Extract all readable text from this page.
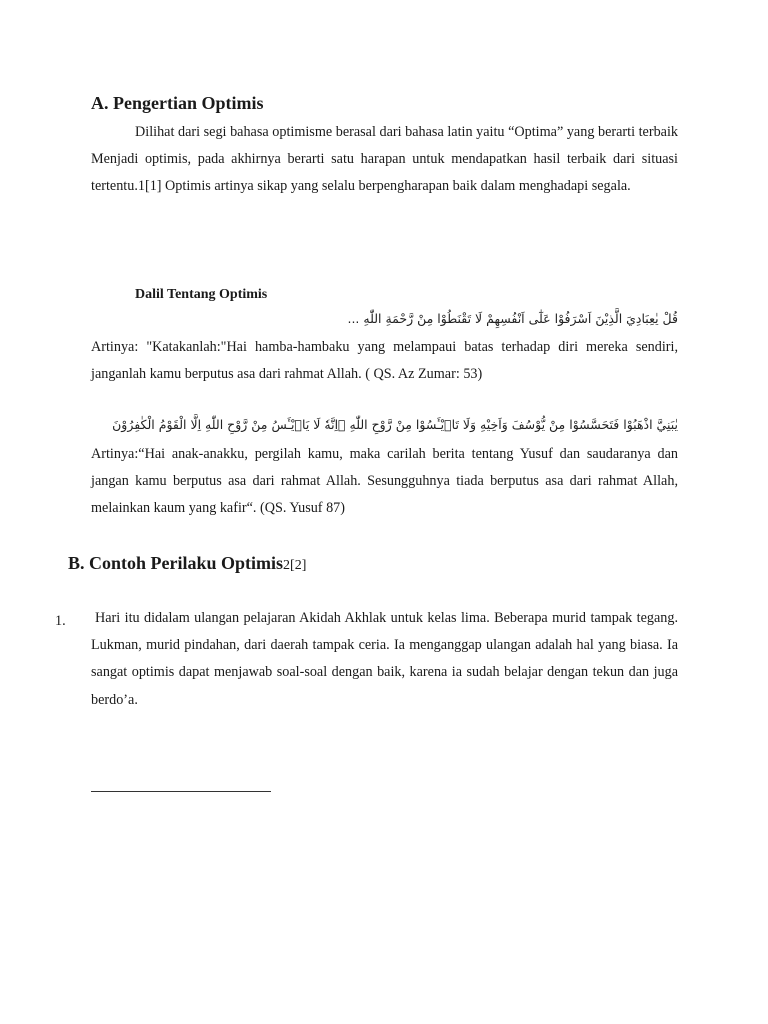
A. Pengertian Optimis

Dilihat dari segi bahasa optimisme berasal dari bahasa latin yaitu “Optima” yang berarti terbaik Menjadi optimis, pada akhirnya berarti satu harapan untuk mendapatkan hasil terbaik dari situasi tertentu.1[1] Optimis artinya sikap yang selalu berpengharapan baik dalam menghadapi segala.

Dalil Tentang Optimis
قُلْ يٰعِبَادِيَ الَّذِيْنَ اَسْرَفُوْا عَلٰٓى اَنْفُسِهِمْ لَا تَقْنَطُوْا مِنْ رَّحْمَةِ اللّٰهِ ...

Artinya: "Katakanlah:"Hai hamba-hambaku yang melampaui batas terhadap diri mereka sendiri, janganlah kamu berputus asa dari rahmat Allah. ( QS. Az Zumar: 53)

يٰبَنِيَّ اذْهَبُوْا فَتَحَسَّسُوْا مِنْ يُّوْسُفَ وَاَخِيْهِ وَلَا تَا۟يْـَٔسُوْا مِنْ رَّوْحِ اللّٰهِ ۗاِنَّهٗ لَا يَا۟يْـَٔسُ مِنْ رَّوْحِ اللّٰهِ اِلَّا الْقَوْمُ الْكٰفِرُوْنَ

Artinya:“Hai anak-anakku, pergilah kamu, maka carilah berita tentang Yusuf dan saudaranya dan jangan kamu berputus asa dari rahmat Allah. Sesungguhnya tiada berputus asa dari rahmat Allah, melainkan kaum yang kafir“. (QS. Yusuf 87)

B. Contoh Perilaku Optimis2[2]
1. Hari itu didalam ulangan pelajaran Akidah Akhlak untuk kelas lima. Beberapa murid tampak tegang. Lukman, murid pindahan, dari daerah tampak ceria. Ia menganggap ulangan adalah hal yang biasa. Ia sangat optimis dapat menjawab soal-soal dengan baik, karena ia sudah belajar dengan tekun dan juga berdo’a.
